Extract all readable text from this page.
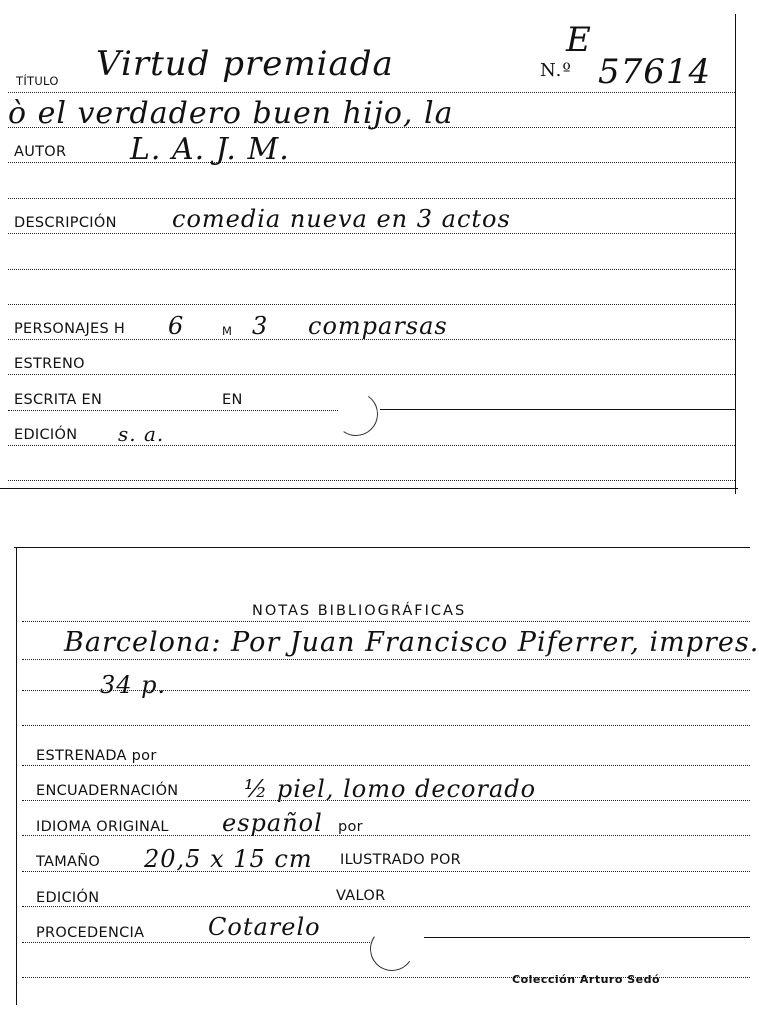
TÍTULO Virtud premiada	N.º
E
57614
ò el verdadero buen hijo, la
AUTOR L. A. J. M.
DESCRIPCIÓN comedia nueva en 3 actos
PERSONAJES H 6	M 3 comparsas
ESTRENO
ESCRITA EN	EN
EDICIÓN s. a.
NOTAS BIBLIOGRÁFICAS
Barcelona: Por Juan Francisco Piferrer, impres.
34 p.
ESTRENADA por
ENCUADERNACIÓN	½ piel, lomo decorado
IDIOMA ORIGINAL español por
TAMAÑO 20,5 x 15 cm ILUSTRADO POR
EDICIÓN	VALOR
PROCEDENCIA	Cotarelo
Colección Arturo Sedó
